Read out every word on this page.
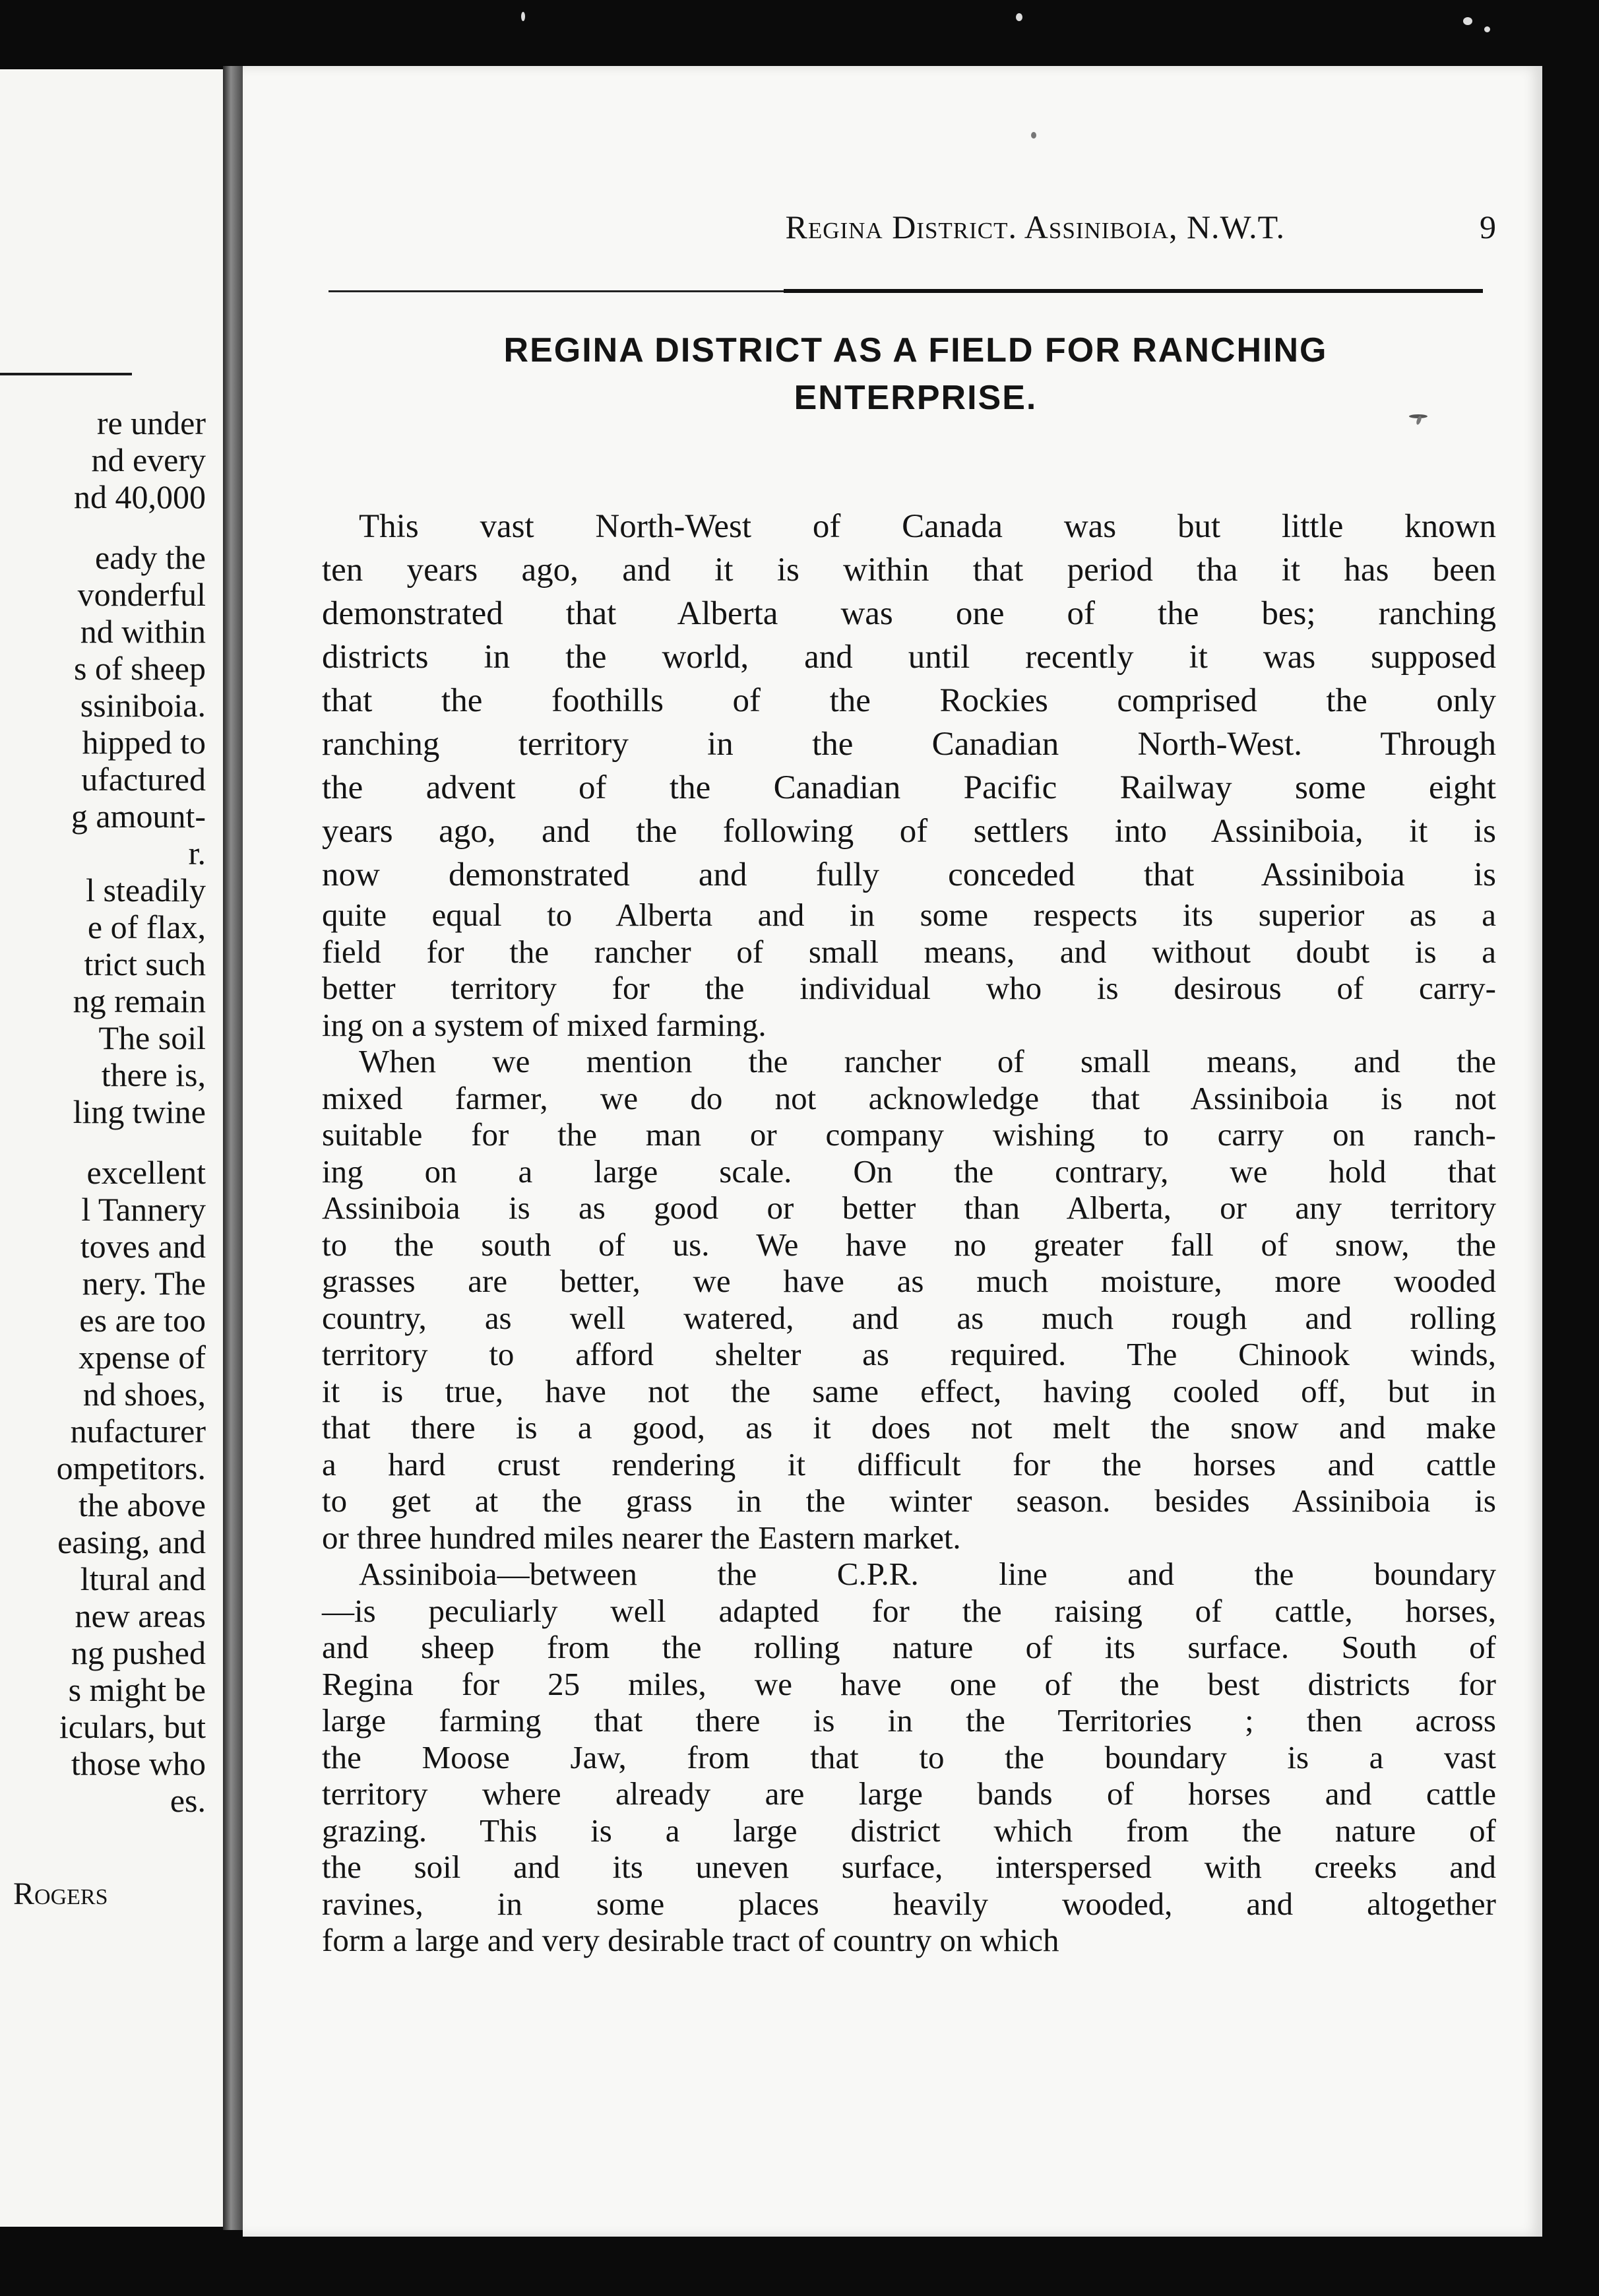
re under
nd every
nd 40,000
eady the
vonderful
nd within
s of sheep
ssiniboia.
hipped to
ufactured
g amount-
r.
l steadily
e of flax,
trict such
ng remain
The soil
there is,
ling twine
excellent
l Tannery
toves and
nery. The
es are too
xpense of
nd shoes,
nufacturer
ompetitors.
the above
easing, and
ltural and
new areas
ng pushed
s might be
iculars, but
those who
es.
Rogers
Regina District. Assiniboia, N.W.T.	9
REGINA DISTRICT AS A FIELD FOR RANCHING
ENTERPRISE.
This vast North-West of Canada was but little known
ten years ago, and it is within that period tha it has been
demonstrated that Alberta was one of the bes; ranching
districts in the world, and until recently it was supposed
that the foothills of the Rockies comprised the only
ranching territory in the Canadian North-West. Through
the advent of the Canadian Pacific Railway some eight
years ago, and the following of settlers into Assiniboia, it is
now demonstrated and fully conceded that Assiniboia is
quite equal to Alberta and in some respects its superior as a
field for the rancher of small means, and without doubt is a
better territory for the individual who is desirous of carry-
ing on a system of mixed farming.
When we mention the rancher of small means, and the
mixed farmer, we do not acknowledge that Assiniboia is not
suitable for the man or company wishing to carry on ranch-
ing on a large scale. On the contrary, we hold that
Assiniboia is as good or better than Alberta, or any territory
to the south of us. We have no greater fall of snow, the
grasses are better, we have as much moisture, more wooded
country, as well watered, and as much rough and rolling
territory to afford shelter as required. The Chinook winds,
it is true, have not the same effect, having cooled off, but in
that there is a good, as it does not melt the snow and make
a hard crust rendering it difficult for the horses and cattle
to get at the grass in the winter season. besides Assiniboia is
or three hundred miles nearer the Eastern market.
Assiniboia—between the C.P.R. line and the boundary
—is peculiarly well adapted for the raising of cattle, horses,
and sheep from the rolling nature of its surface. South of
Regina for 25 miles, we have one of the best districts for
large farming that there is in the Territories ; then across
the Moose Jaw, from that to the boundary is a vast
territory where already are large bands of horses and cattle
grazing. This is a large district which from the nature of
the soil and its uneven surface, interspersed with creeks and
ravines, in some places heavily wooded, and altogether
form a large and very desirable tract of country on which
